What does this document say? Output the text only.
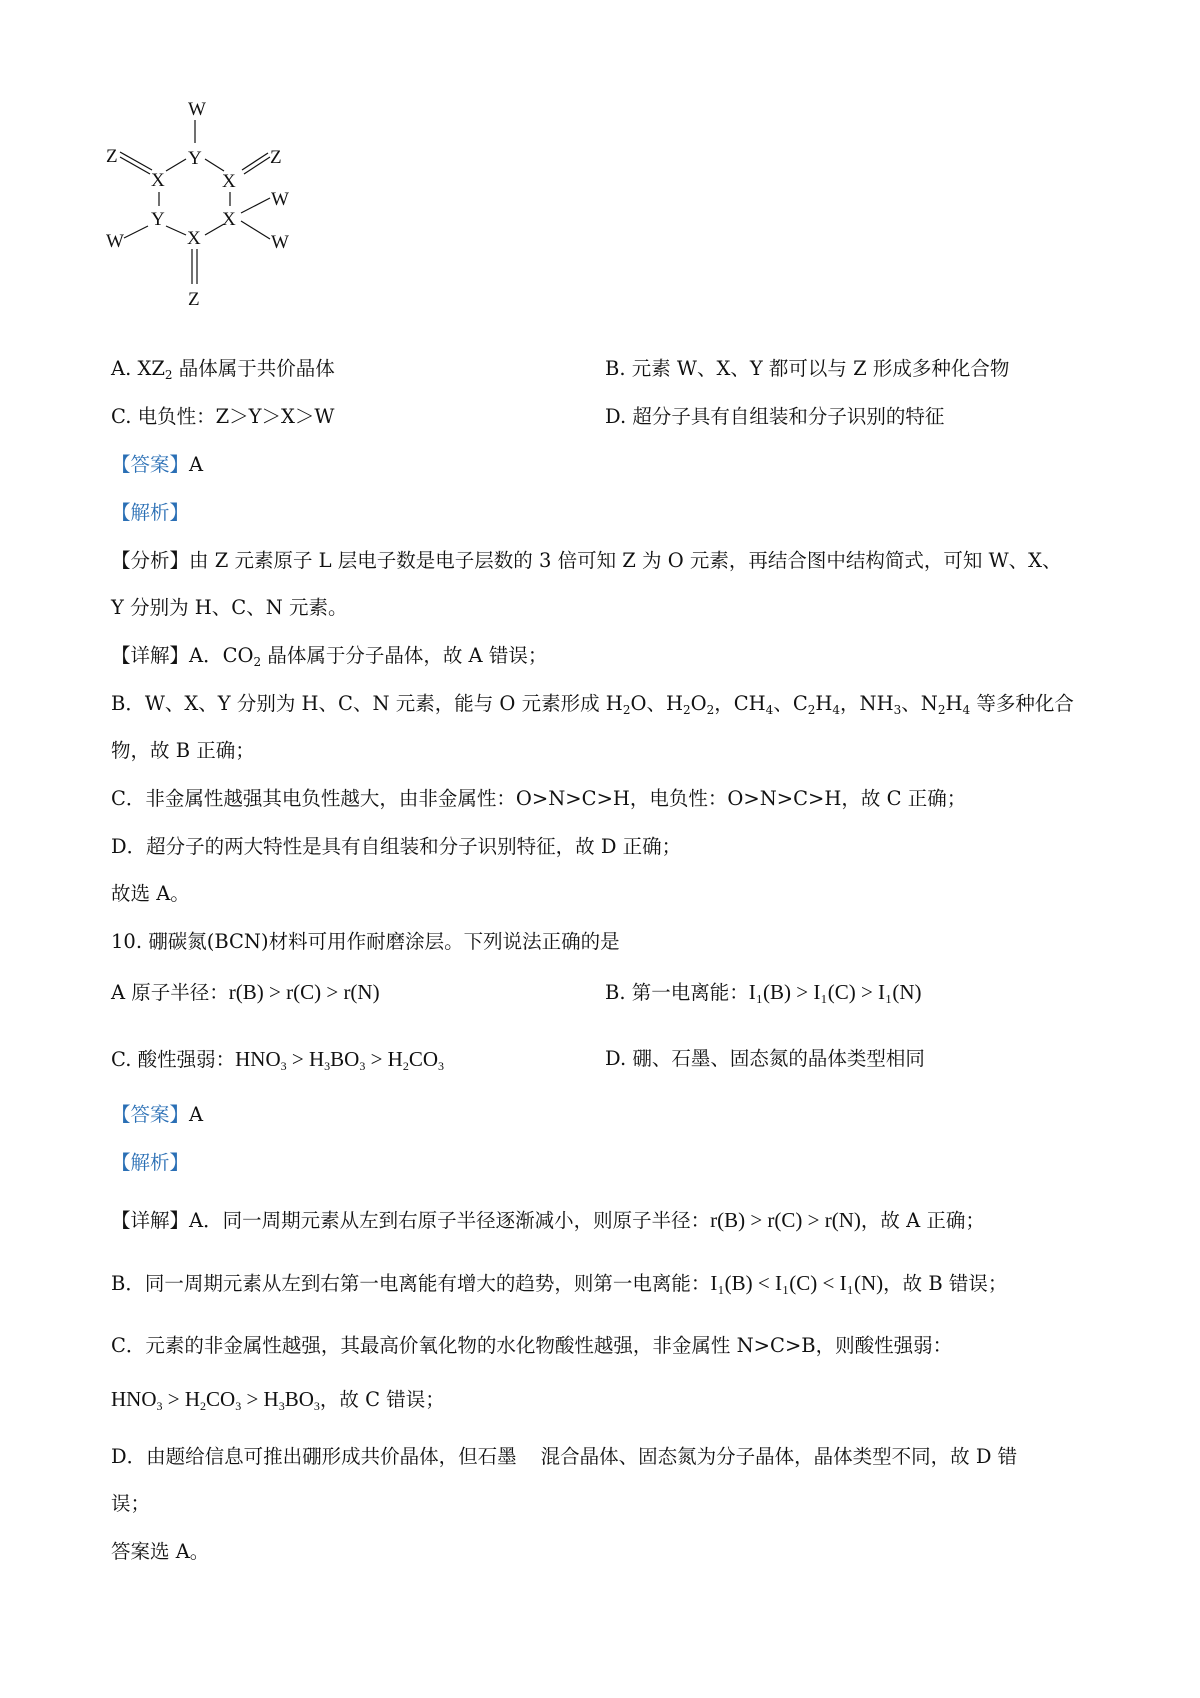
W
Y
Z
X	X
Z
Y	X
W
W	X	W
Z
A. $XZ_2$ 晶体属于共价晶体	B. 元素 W、X、Y 都可以与 Z 形成多种化合物
C. 电负性：Z＞Y＞X＞W	D. 超分子具有自组装和分子识别的特征
【答案】A
【解析】
【分析】由 Z 元素原子 L 层电子数是电子层数的 3 倍可知 Z 为 O 元素，再结合图中结构简式，可知 W、X、
Y 分别为 H、C、N 元素。
【详解】A．$CO_2$ 晶体属于分子晶体，故 A 错误；
B．W、X、Y 分别为 H、C、N 元素，能与 O 元素形成 $H_2O$、$H_2O_2$，$CH_4$、$C_2H_4$，$NH_3$、$N_2H_4$ 等多种化合
物，故 B 正确；
C．非金属性越强其电负性越大，由非金属性：O>N>C>H，电负性：O>N>C>H，故 C 正确；
D．超分子的两大特性是具有自组装和分子识别特征，故 D 正确；
故选 A。
10. 硼碳氮(BCN)材料可用作耐磨涂层。下列说法正确的是
A 原子半径：r(B) > r(C) > r(N)	B. 第一电离能：I₁(B) > I₁(C) > I₁(N)
C. 酸性强弱：$HNO_3 > H_3BO_3 > H_2CO_3$	D. 硼、石墨、固态氮的晶体类型相同
【答案】A
【解析】
【详解】A．同一周期元素从左到右原子半径逐渐减小，则原子半径：r(B) > r(C) > r(N)，故 A 正确；
B．同一周期元素从左到右第一电离能有增大的趋势，则第一电离能：I₁(B) < I₁(C) < I₁(N)，故 B 错误；
C．元素的非金属性越强，其最高价氧化物的水化物酸性越强，非金属性 N>C>B，则酸性强弱：
$HNO_3 > H_2CO_3 > H_3BO_3$，故 C 错误；
D．由题给信息可推出硼形成共价晶体，但石墨 混合晶体、固态氮为分子晶体，晶体类型不同，故 D 错
误；
答案选 A。
